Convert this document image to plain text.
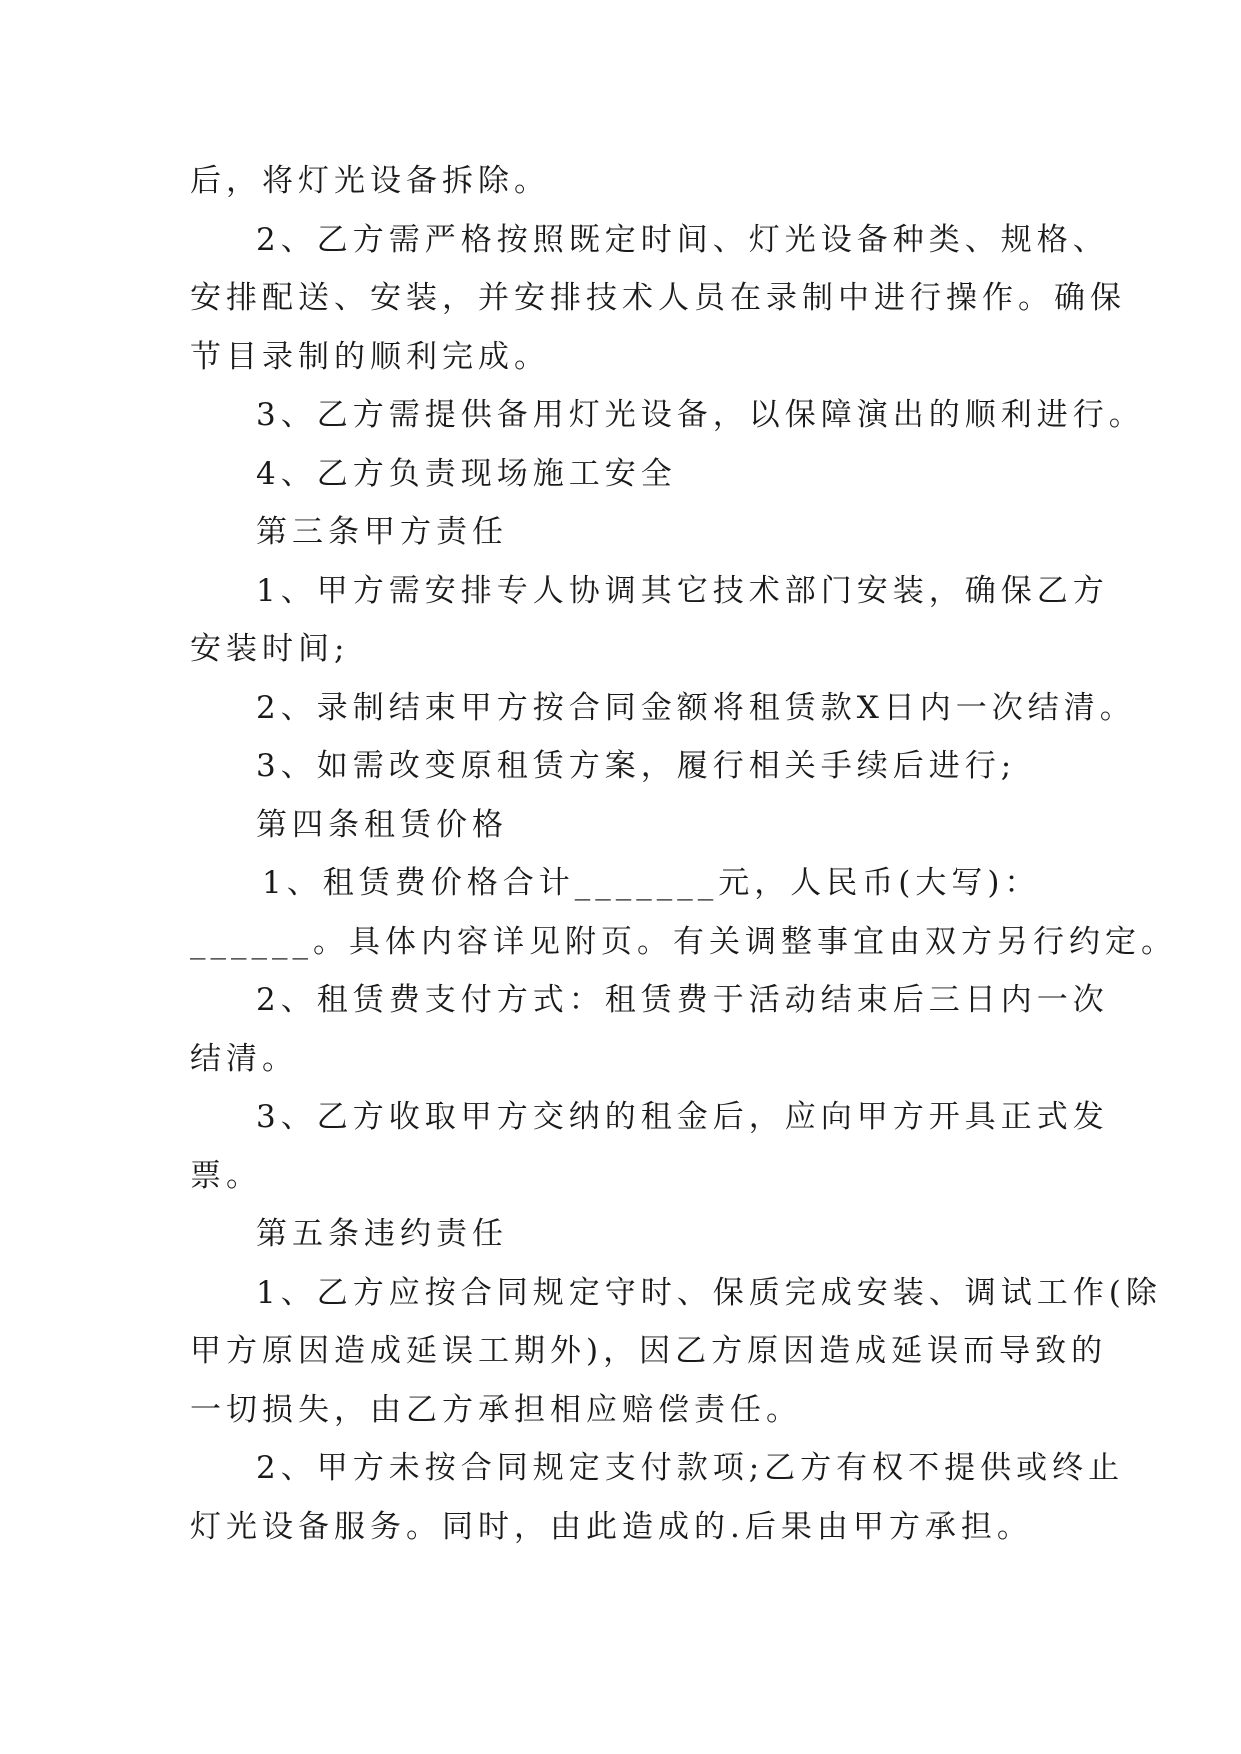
后，将灯光设备拆除。
2、乙方需严格按照既定时间、灯光设备种类、规格、
安排配送、安装，并安排技术人员在录制中进行操作。确保
节目录制的顺利完成。
3、乙方需提供备用灯光设备，以保障演出的顺利进行。
4、乙方负责现场施工安全
第三条甲方责任
1、甲方需安排专人协调其它技术部门安装，确保乙方
安装时间;
2、录制结束甲方按合同金额将租赁款X日内一次结清。
3、如需改变原租赁方案，履行相关手续后进行;
第四条租赁价格
1、租赁费价格合计_______元，人民币(大写)：
______。具体内容详见附页。有关调整事宜由双方另行约定。
2、租赁费支付方式：租赁费于活动结束后三日内一次
结清。
3、乙方收取甲方交纳的租金后，应向甲方开具正式发
票。
第五条违约责任
1、乙方应按合同规定守时、保质完成安装、调试工作(除
甲方原因造成延误工期外)，因乙方原因造成延误而导致的
一切损失，由乙方承担相应赔偿责任。
2、甲方未按合同规定支付款项;乙方有权不提供或终止
灯光设备服务。同时，由此造成的.后果由甲方承担。
